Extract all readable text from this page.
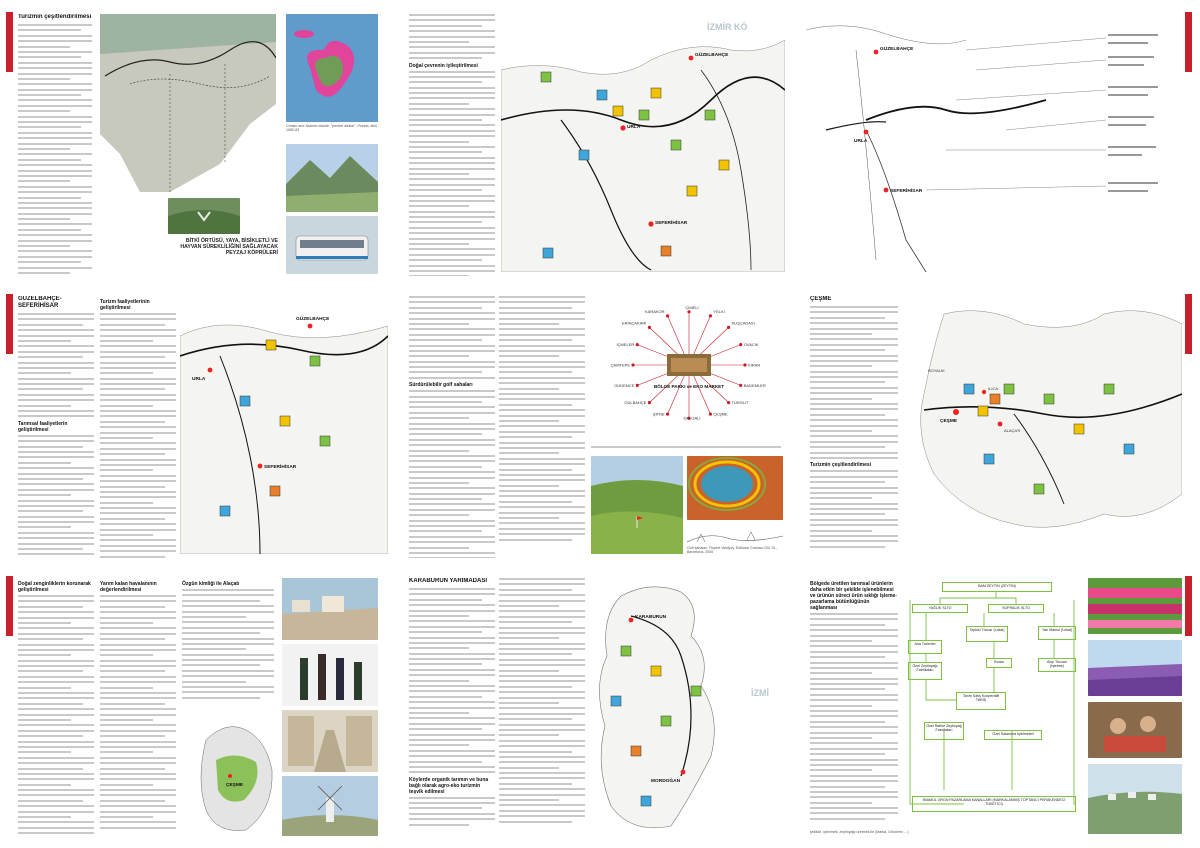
Turizmin çeşitlendirilmesi
BİTKİ ÖRTÜSÜ, YAYA, BİSİKLETLİ VE HAYVAN SÜREKLİLİĞİNİ SAĞLAYACAK PEYZAJ KÖPRÜLERİ
Christo and Jeanne-claude, "pembe adalar", Florida, abd, 1980-83
Doğal çevrenin iyileştirilmesi
İZMİR KÖ
GÜZELBAHÇE
URLA
SEFERİHİSAR
GÜZELBAHÇE
URLA
SEFERİHİSAR
GÜZELBAHÇE-SEFERİHİSAR
Tarımsal faaliyetlerin geliştirilmesi
Turizm faaliyetlerinin geliştirilmesi
GÜZELBAHÇE
URLA
SEFERİHİSAR
Sürdürülebilir golf sahaları	BÖLGE PARKI ve EKO MARKET
ÇİMELİ
YELKİ
KUŞÇADASI
OVACIK
KIRAN
BADEMLER
TURGUT
ÇEŞME
DALGALI
ŞİFNE
GÜLBAHÇE
GÜDENCE
ÇAMTEPE
İÇMELER
ERİNÇAKARI
KARAKOR
Golf sahaları, Rupert Vasilyev, Editorial Gustavo Gili, SL, Barcelona, 2005
ÇEŞME
Turizmin çeşitlendirilmesi
ÇEŞME
ALAÇATI
ILICA
BOYALIK
Doğal zenginliklerin korunarak geliştirilmesi
Yarım kalan havalanının değerlendirilmesi
Özgün kimliği ile Alaçatı
ÇEŞME
KARABURUN YARIMADASI
Köylerde organik tarımın ve buna bağlı olarak agro-eko turizmin teşvik edilmesi
KARABURUN
MORDOĞAN
İZMİ
Bölgede üretilen tarımsal ürünlerin daha etkin bir şekilde işlenebilmesi ve ürünün süreci ürün sıklığı işleme-pazarlama bütünlüğünün sağlanması
BAM ZEYTİN (ZEYTİN)
YAĞLIK SLTO	SOFRALIK SLTO
Ana Turizmin
Tepkisi Tüccar (Lokal)	Yarı Mamul (Lokal)
Özel Zeytinyağı Fabrikaları
Borsa	Alışı Tüccarı (İşletme)
Tarım Satış Kooperatifi TARİŞ
Özel Rafine Zeytinyağ Fabrikaları
Özel Salamura İşletmeleri
İMAMOL ORGN PAZARLAMA KANALLARI (MARKALANMIŞ TOPTANCI PERAKENDECİ TÜKETİCİ)
şekilde, işlenmek: zeytinyağı üretmek ile (Marka, Ürünlerin …)
